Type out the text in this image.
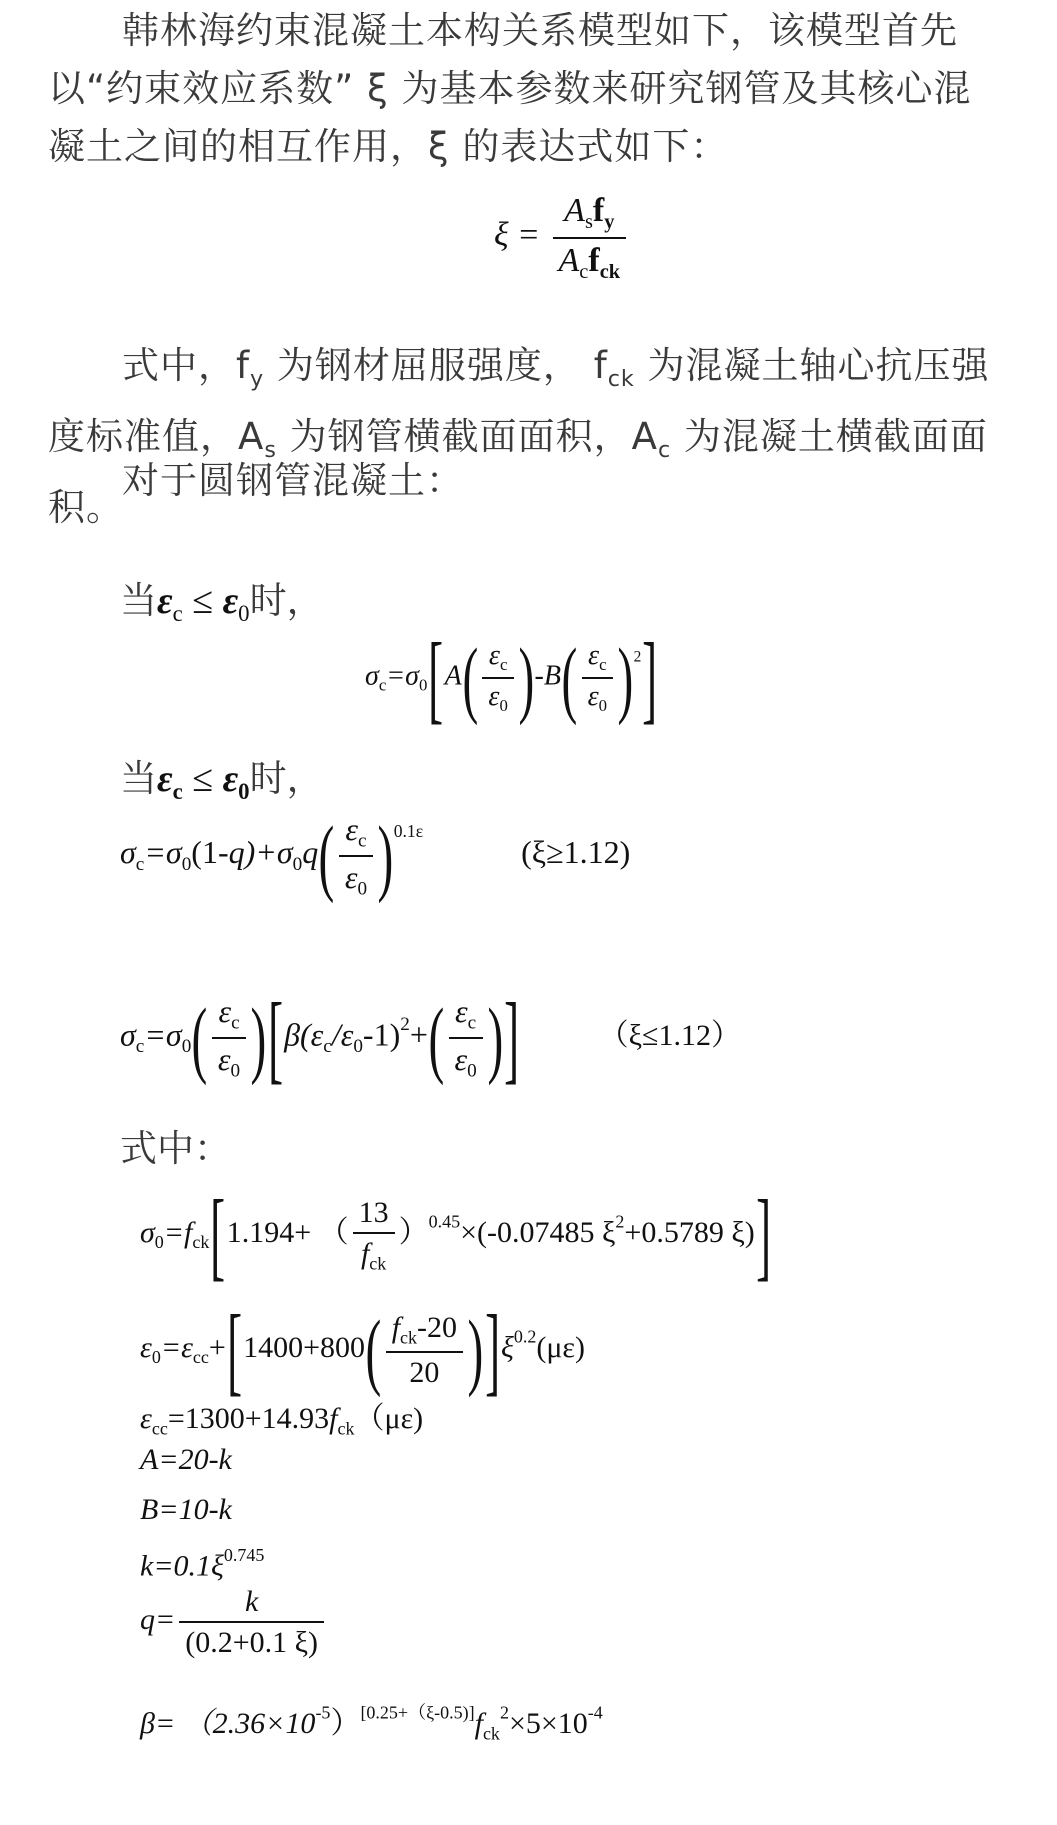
韩林海约束混凝土本构关系模型如下，该模型首先以“约束效应系数” ξ 为基本参数来研究钢管及其核心混凝土之间的相互作用，ξ 的表达式如下：

$\xi = \frac{A_sf_y}{A_cf_{ck}}$

式中，$f_y$ 为钢材屈服强度， $f_{ck}$ 为混凝土轴心抗压强度标准值，$A_s$ 为钢管横截面面积，$A_c$ 为混凝土横截面面积。

对于圆钢管混凝土：

当$\varepsilon_c \le \varepsilon_0$时，
$\sigma_c=\sigma_0[A( \frac{\varepsilon_c}{\varepsilon_0} )-B( \frac{\varepsilon_c}{\varepsilon_0} )^2]$
当$\varepsilon_c \le \varepsilon_0$时，
$\sigma_c=\sigma_0(1-q)+\sigma_0q( \frac{\varepsilon_c}{\varepsilon_0} )^{0.1\varepsilon}$ (ξ≥1.12)
$\sigma_c=\sigma_0( \frac{\varepsilon_c}{\varepsilon_0} )[\beta(\varepsilon_c/\varepsilon_0-1)^2+( \frac{\varepsilon_c}{\varepsilon_0}$ )]	（ξ≤1.12）
式中：
$\sigma_0=f_{ck}[1.194+$ （ $\frac{13}{f_{ck}} )^{0.45}\times(-0.07485$ $\xi^2+0.5789$ ξ)]
$\varepsilon_0=\varepsilon_{cc}+[1400+800( \frac{f_{ck}-20}{20} )]\xi^{0.2}(\mu\varepsilon)$
$\varepsilon_{cc}=1300+14.93f_{ck}(\mu\varepsilon)$
A=20-k
B=10-k
$k=0.1\xi^{0.745}$
$q= \frac{k}{(0.2+0.1 \xi)}$
$\beta= (2.36\times 10^{-5})[0.25+(\xi-0.5)]f_{ck}^2\times 5\times 10^{-4}$
